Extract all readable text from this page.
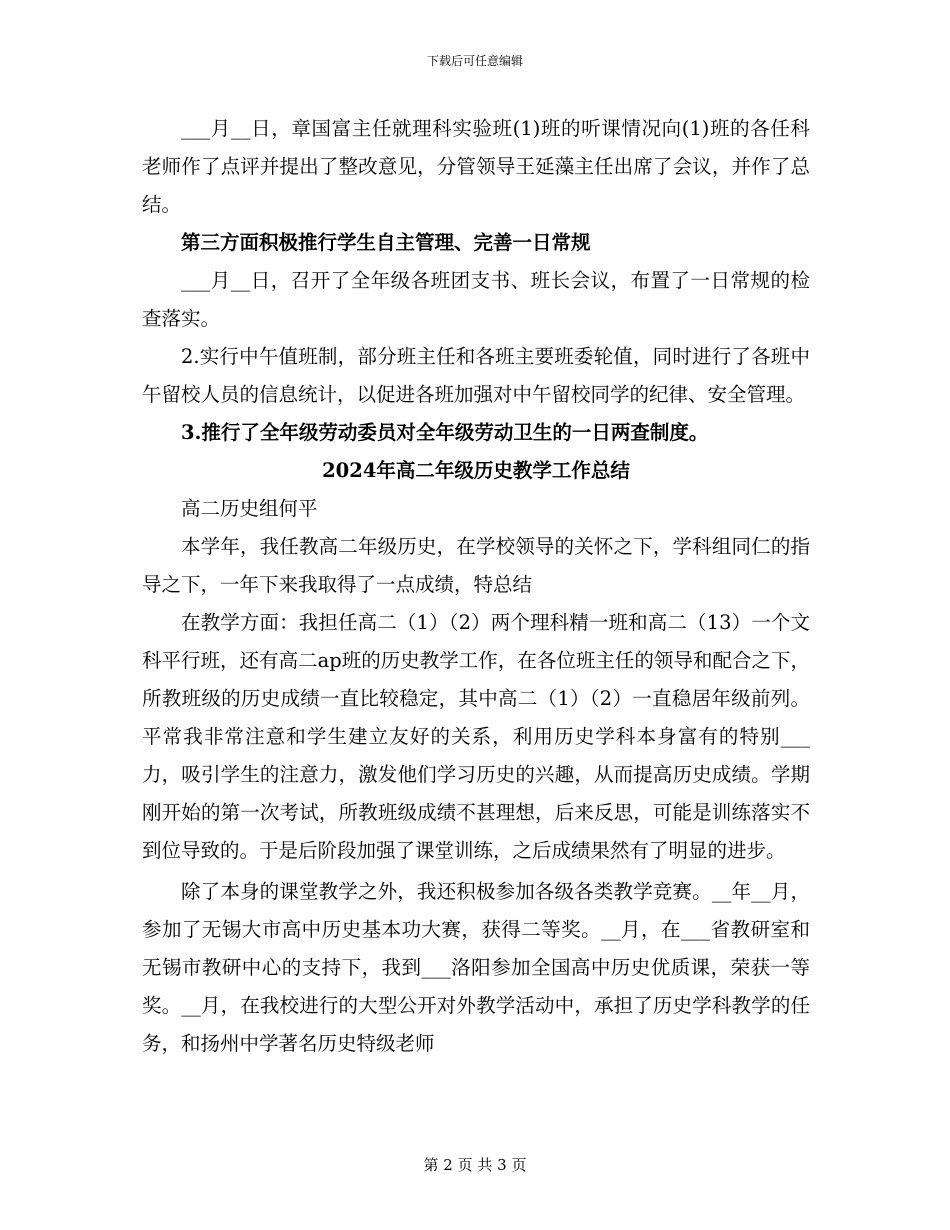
下载后可任意编辑

___月__日，章国富主任就理科实验班(1)班的听课情况向(1)班的各任科老师作了点评并提出了整改意见，分管领导王延藻主任出席了会议，并作了总结。

第三方面积极推行学生自主管理、完善一日常规

___月__日，召开了全年级各班团支书、班长会议，布置了一日常规的检查落实。

2.实行中午值班制，部分班主任和各班主要班委轮值，同时进行了各班中午留校人员的信息统计，以促进各班加强对中午留校同学的纪律、安全管理。

3.推行了全年级劳动委员对全年级劳动卫生的一日两查制度。

2024年高二年级历史教学工作总结

高二历史组何平

本学年，我任教高二年级历史，在学校领导的关怀之下，学科组同仁的指导之下，一年下来我取得了一点成绩，特总结

在教学方面：我担任高二（1）（2）两个理科精一班和高二（13）一个文科平行班，还有高二ap班的历史教学工作，在各位班主任的领导和配合之下，所教班级的历史成绩一直比较稳定，其中高二（1）（2）一直稳居年级前列。平常我非常注意和学生建立友好的关系，利用历史学科本身富有的特别___力，吸引学生的注意力，激发他们学习历史的兴趣，从而提高历史成绩。学期刚开始的第一次考试，所教班级成绩不甚理想，后来反思，可能是训练落实不到位导致的。于是后阶段加强了课堂训练，之后成绩果然有了明显的进步。

除了本身的课堂教学之外，我还积极参加各级各类教学竞赛。__年__月，参加了无锡大市高中历史基本功大赛，获得二等奖。__月，在___省教研室和无锡市教研中心的支持下，我到___洛阳参加全国高中历史优质课，荣获一等奖。__月，在我校进行的大型公开对外教学活动中，承担了历史学科教学的任务，和扬州中学著名历史特级老师

第 2 页 共 3 页
